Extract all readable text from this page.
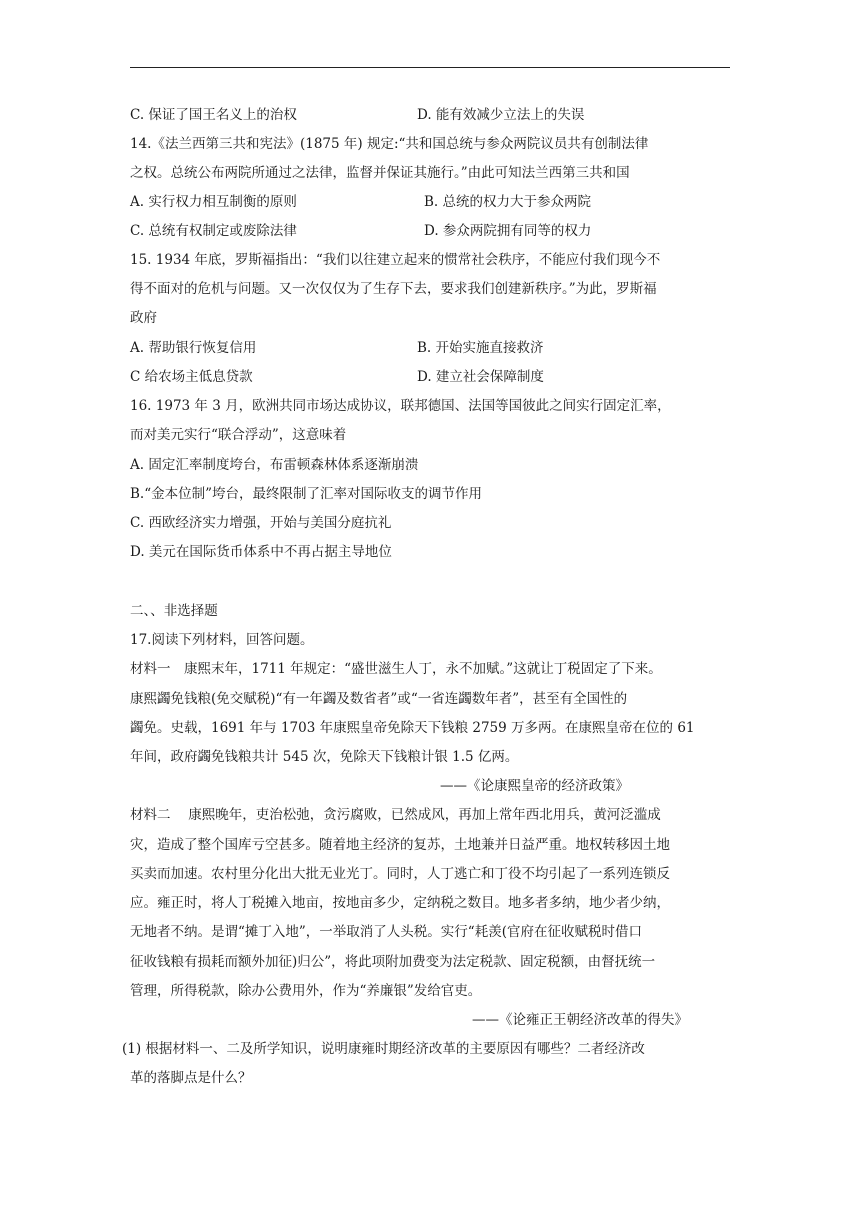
C. 保证了国王名义上的治权	D. 能有效减少立法上的失误
14.《法兰西第三共和宪法》(1875 年) 规定:“共和国总统与参众两院议员共有创制法律
之权。总统公布两院所通过之法律，监督并保证其施行。”由此可知法兰西第三共和国
A. 实行权力相互制衡的原则	B. 总统的权力大于参众两院
C. 总统有权制定或废除法律	D. 参众两院拥有同等的权力
15. 1934 年底，罗斯福指出：“我们以往建立起来的惯常社会秩序，不能应付我们现今不
得不面对的危机与问题。又一次仅仅为了生存下去，要求我们创建新秩序。”为此，罗斯福
政府
A. 帮助银行恢复信用	B. 开始实施直接救济
C 给农场主低息贷款	D. 建立社会保障制度
16. 1973 年 3 月，欧洲共同市场达成协议，联邦德国、法国等国彼此之间实行固定汇率，
而对美元实行“联合浮动”，这意味着
A. 固定汇率制度垮台，布雷顿森林体系逐渐崩溃
B.“金本位制”垮台，最终限制了汇率对国际收支的调节作用
C. 西欧经济实力增强，开始与美国分庭抗礼
D. 美元在国际货币体系中不再占据主导地位
二、、非选择题
17.阅读下列材料，回答问题。
材料一　康熙末年，1711 年规定：“盛世滋生人丁，永不加赋。”这就让丁税固定了下来。
康熙蠲免钱粮(免交赋税)“有一年蠲及数省者”或“一省连蠲数年者”，甚至有全国性的
蠲免。史载，1691 年与 1703 年康熙皇帝免除天下钱粮 2759 万多两。在康熙皇帝在位的 61
年间，政府蠲免钱粮共计 545 次，免除天下钱粮计银 1.5 亿两。
——《论康熙皇帝的经济政策》
材料二　 康熙晚年，吏治松弛，贪污腐败，已然成风，再加上常年西北用兵，黄河泛滥成
灾，造成了整个国库亏空甚多。随着地主经济的复苏，土地兼并日益严重。地权转移因土地
买卖而加速。农村里分化出大批无业光丁。同时，人丁逃亡和丁役不均引起了一系列连锁反
应。雍正时，将人丁税摊入地亩，按地亩多少，定纳税之数目。地多者多纳，地少者少纳，
无地者不纳。是谓“摊丁入地”，一举取消了人头税。实行“耗羡(官府在征收赋税时借口
征收钱粮有损耗而额外加征)归公”，将此项附加费变为法定税款、固定税额，由督抚统一
管理，所得税款，除办公费用外，作为“养廉银”发给官吏。
——《论雍正王朝经济改革的得失》
(1) 根据材料一、二及所学知识，说明康雍时期经济改革的主要原因有哪些？二者经济改
革的落脚点是什么？
